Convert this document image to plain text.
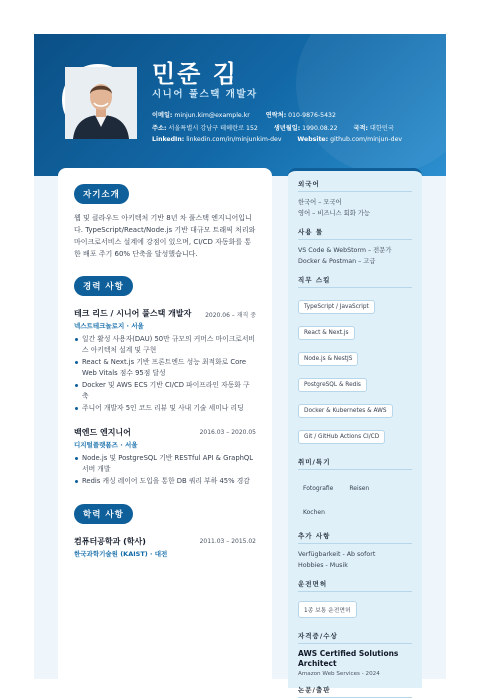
민준 김
시니어 풀스택 개발자
이메일: minjun.kim@example.kr	연락처: 010-9876-5432
주소: 서울특별시 강남구 테헤란로 152	생년월일: 1990.08.22	국적: 대한민국
LinkedIn: linkedin.com/in/minjunkim-dev	Website: github.com/minjun-dev
자기소개

웹 및 클라우드 아키텍처 기반 8년 차 풀스택 엔지니어입니다. TypeScript/React/Node.js 기반 대규모 트래픽 처리와 마이크로서비스 설계에 강점이 있으며, CI/CD 자동화를 통한 배포 주기 60% 단축을 달성했습니다.

경력 사항
테크 리드 / 시니어 풀스택 개발자	2020.06 – 재직 중
넥스트테크놀로지 · 서울
일간 활성 사용자(DAU) 50만 규모의 커머스 마이크로서비스 아키텍처 설계 및 구현
React & Next.js 기반 프론트엔드 성능 최적화로 Core Web Vitals 점수 95점 달성
Docker 및 AWS ECS 기반 CI/CD 파이프라인 자동화 구축
주니어 개발자 5인 코드 리뷰 및 사내 기술 세미나 리딩
백엔드 엔지니어	2016.03 – 2020.05
디지털플랫폼즈 · 서울
Node.js 및 PostgreSQL 기반 RESTful API & GraphQL 서버 개발
Redis 캐싱 레이어 도입을 통한 DB 쿼리 부하 45% 경감
학력 사항
컴퓨터공학과 (학사)	2011.03 – 2015.02
한국과학기술원 (KAIST) · 대전
외국어
한국어 – 모국어
영어 – 비즈니스 회화 가능
사용 툴
VS Code & WebStorm – 전문가
Docker & Postman – 고급
직무 스킬
TypeScript / JavaScript
React & Next.js
Node.js & NestJS
PostgreSQL & Redis
Docker & Kubernetes & AWS
Git / GitHub Actions CI/CD
취미/특기
Fotografie	Reisen
Kochen
추가 사항
Verfügbarkeit - Ab sofort
Hobbies - Musik
운전면허
1종 보통 운전면허
자격증/수상
AWS Certified Solutions Architect
Amazon Web Services - 2024
논문/출판
